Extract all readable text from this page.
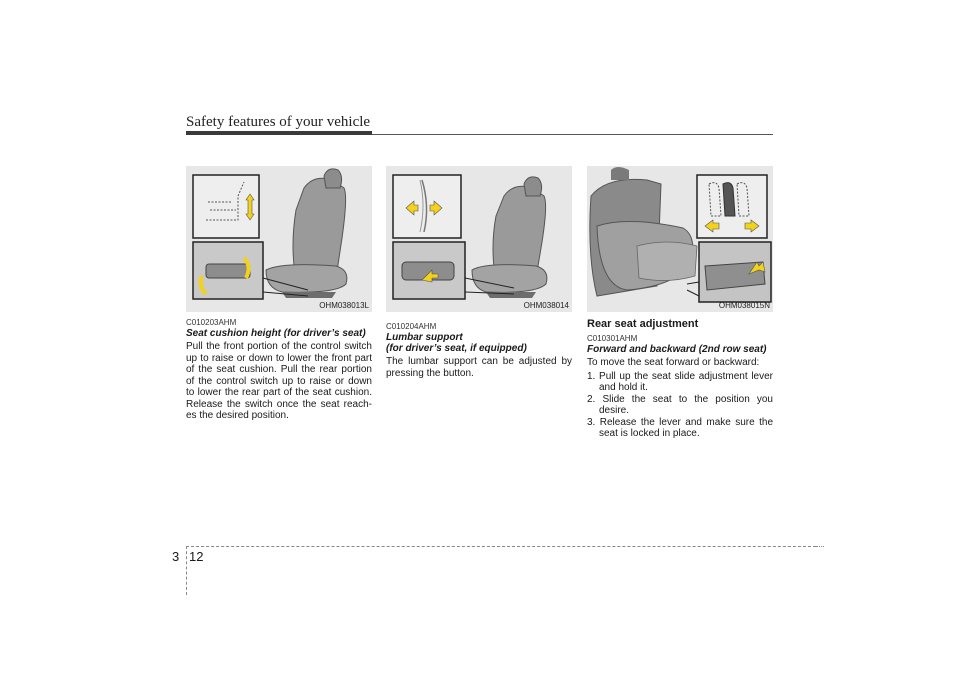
Safety features of your vehicle
OHM038013L	OHM038014	OHM038015N

C010203AHM

Seat cushion height (for driver’s seat)

Pull the front portion of the control switch up to raise or down to lower the front part of the seat cushion. Pull the rear portion of the control switch up to raise or down to lower the rear part of the seat cushion. Release the switch once the seat reach-es the desired position.

C010204AHM

Lumbar support

(for driver’s seat, if equipped)

The lumbar support can be adjusted by pressing the button.

Rear seat adjustment

C010301AHM

Forward and backward (2nd row seat)

To move the seat forward or backward:

1. Pull up the seat slide adjustment lever and hold it.
2. Slide the seat to the position you desire.
3. Release the lever and make sure the seat is locked in place.
3 12
